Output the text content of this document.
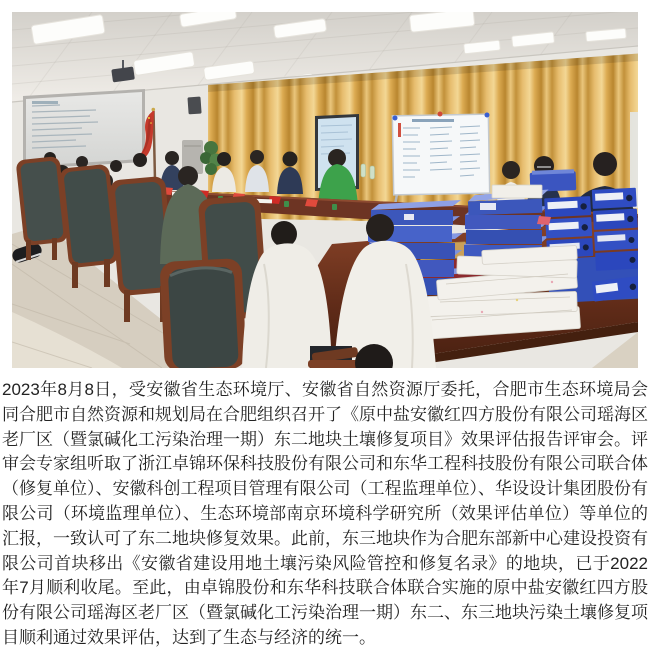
2023年8月8日，受安徽省生态环境厅、安徽省自然资源厅委托，合肥市生态环境局会同合肥市自然资源和规划局在合肥组织召开了《原中盐安徽红四方股份有限公司瑶海区老厂区（暨氯碱化工污染治理一期）东二地块土壤修复项目》效果评估报告评审会。评审会专家组听取了浙江卓锦环保科技股份有限公司和东华工程科技股份有限公司联合体（修复单位）、安徽科创工程项目管理有限公司（工程监理单位）、华设设计集团股份有限公司（环境监理单位）、生态环境部南京环境科学研究所（效果评估单位）等单位的汇报，一致认可了东二地块修复效果。此前，东三地块作为合肥东部新中心建设投资有限公司首块移出《安徽省建设用地土壤污染风险管控和修复名录》的地块，已于2022年7月顺利收尾。至此，由卓锦股份和东华科技联合体联合实施的原中盐安徽红四方股份有限公司瑶海区老厂区（暨氯碱化工污染治理一期）东二、东三地块污染土壤修复项目顺利通过效果评估，达到了生态与经济的统一。
